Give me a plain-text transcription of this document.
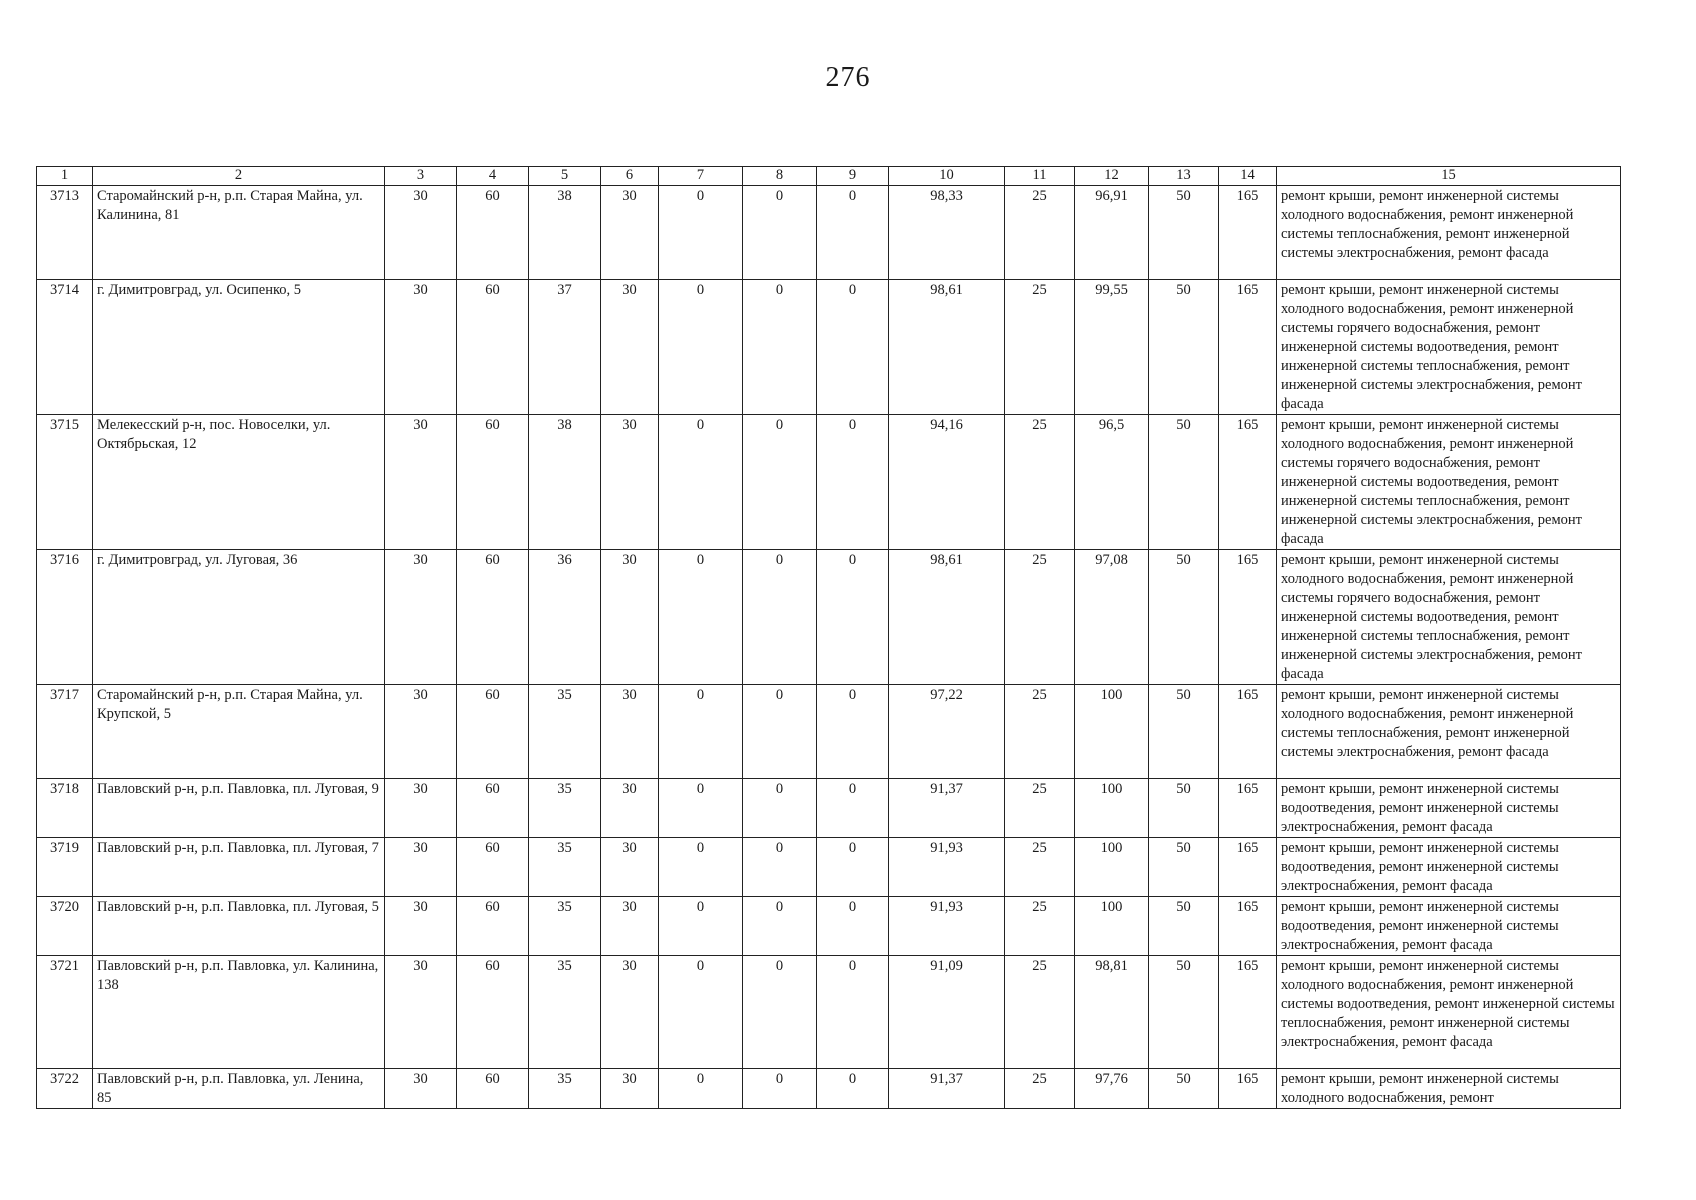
276
1	2	3	4	5	6	7	8	9	10	11	12	13	14	15
3713	Старомайнский р-н, р.п. Старая Майна, ул. Калинина, 81	30	60	38	30	0	0	0	98,33	25	96,91	50	165	ремонт крыши, ремонт инженерной системы холодного водоснабжения, ремонт инженерной системы теплоснабжения, ремонт инженерной системы электроснабжения, ремонт фасада
3714	г. Димитровград, ул. Осипенко, 5	30	60	37	30	0	0	0	98,61	25	99,55	50	165	ремонт крыши, ремонт инженерной системы холодного водоснабжения, ремонт инженерной системы горячего водоснабжения, ремонт инженерной системы водоотведения, ремонт инженерной системы теплоснабжения, ремонт инженерной системы электроснабжения, ремонт фасада
3715	Мелекесский р-н, пос. Новоселки, ул. Октябрьская, 12	30	60	38	30	0	0	0	94,16	25	96,5	50	165	ремонт крыши, ремонт инженерной системы холодного водоснабжения, ремонт инженерной системы горячего водоснабжения, ремонт инженерной системы водоотведения, ремонт инженерной системы теплоснабжения, ремонт инженерной системы электроснабжения, ремонт фасада
3716	г. Димитровград, ул. Луговая, 36	30	60	36	30	0	0	0	98,61	25	97,08	50	165	ремонт крыши, ремонт инженерной системы холодного водоснабжения, ремонт инженерной системы горячего водоснабжения, ремонт инженерной системы водоотведения, ремонт инженерной системы теплоснабжения, ремонт инженерной системы электроснабжения, ремонт фасада
3717	Старомайнский р-н, р.п. Старая Майна, ул. Крупской, 5	30	60	35	30	0	0	0	97,22	25	100	50	165	ремонт крыши, ремонт инженерной системы холодного водоснабжения, ремонт инженерной системы теплоснабжения, ремонт инженерной системы электроснабжения, ремонт фасада
3718	Павловский р-н, р.п. Павловка, пл. Луговая, 9	30	60	35	30	0	0	0	91,37	25	100	50	165	ремонт крыши, ремонт инженерной системы водоотведения, ремонт инженерной системы электроснабжения, ремонт фасада
3719	Павловский р-н, р.п. Павловка, пл. Луговая, 7	30	60	35	30	0	0	0	91,93	25	100	50	165	ремонт крыши, ремонт инженерной системы водоотведения, ремонт инженерной системы электроснабжения, ремонт фасада
3720	Павловский р-н, р.п. Павловка, пл. Луговая, 5	30	60	35	30	0	0	0	91,93	25	100	50	165	ремонт крыши, ремонт инженерной системы водоотведения, ремонт инженерной системы электроснабжения, ремонт фасада
3721	Павловский р-н, р.п. Павловка, ул. Калинина, 138	30	60	35	30	0	0	0	91,09	25	98,81	50	165	ремонт крыши, ремонт инженерной системы холодного водоснабжения, ремонт инженерной системы водоотведения, ремонт инженерной системы теплоснабжения, ремонт инженерной системы электроснабжения, ремонт фасада
3722	Павловский р-н, р.п. Павловка, ул. Ленина, 85	30	60	35	30	0	0	0	91,37	25	97,76	50	165	ремонт крыши, ремонт инженерной системы холодного водоснабжения, ремонт
